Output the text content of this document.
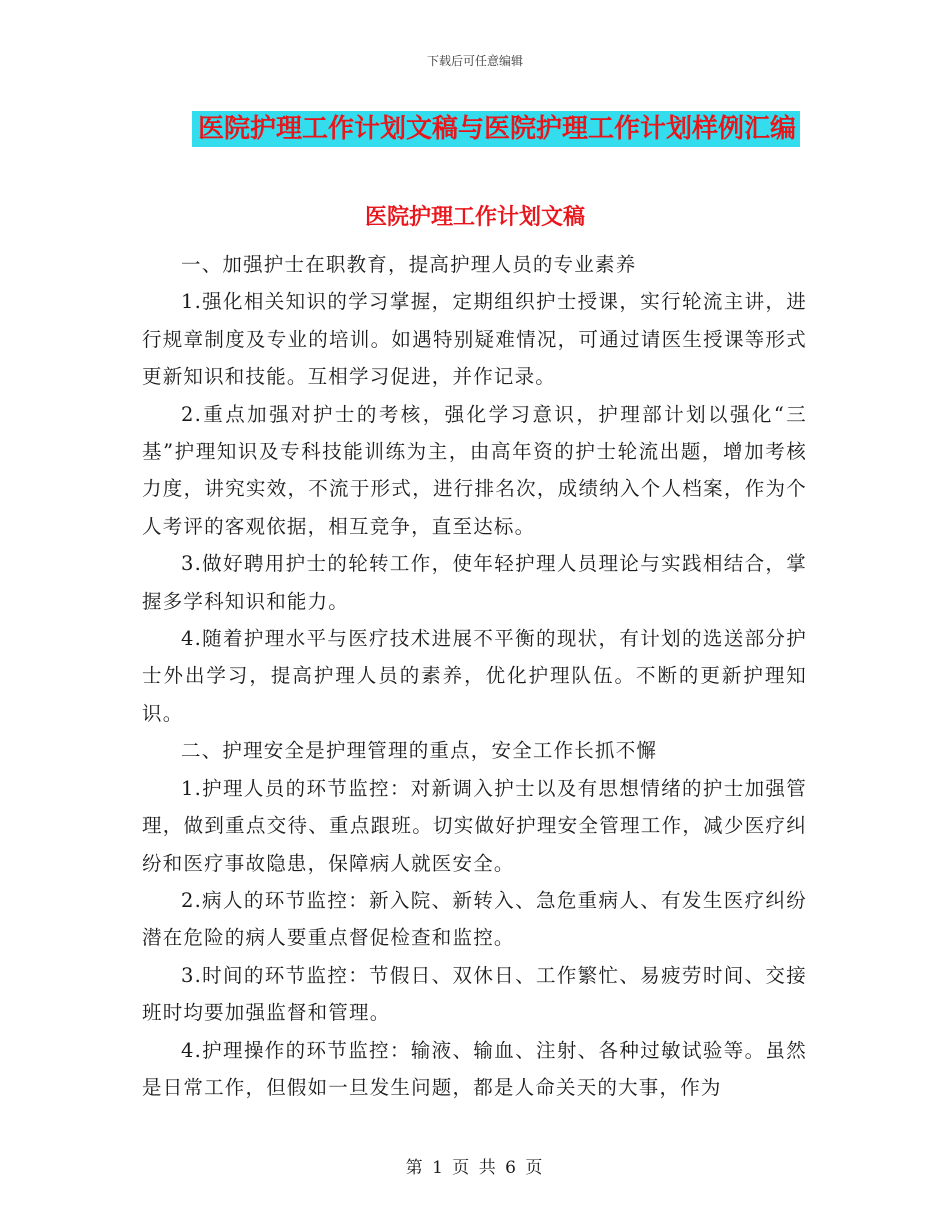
下载后可任意编辑
医院护理工作计划文稿与医院护理工作计划样例汇编
医院护理工作计划文稿

一、加强护士在职教育，提高护理人员的专业素养

1.强化相关知识的学习掌握，定期组织护士授课，实行轮流主讲，进行规章制度及专业的培训。如遇特别疑难情况，可通过请医生授课等形式更新知识和技能。互相学习促进，并作记录。

2.重点加强对护士的考核，强化学习意识，护理部计划以强化“三基”护理知识及专科技能训练为主，由高年资的护士轮流出题，增加考核力度，讲究实效，不流于形式，进行排名次，成绩纳入个人档案，作为个人考评的客观依据，相互竞争，直至达标。

3.做好聘用护士的轮转工作，使年轻护理人员理论与实践相结合，掌握多学科知识和能力。

4.随着护理水平与医疗技术进展不平衡的现状，有计划的选送部分护士外出学习，提高护理人员的素养，优化护理队伍。不断的更新护理知识。

二、护理安全是护理管理的重点，安全工作长抓不懈

1.护理人员的环节监控：对新调入护士以及有思想情绪的护士加强管理，做到重点交待、重点跟班。切实做好护理安全管理工作，减少医疗纠纷和医疗事故隐患，保障病人就医安全。

2.病人的环节监控：新入院、新转入、急危重病人、有发生医疗纠纷潜在危险的病人要重点督促检查和监控。

3.时间的环节监控：节假日、双休日、工作繁忙、易疲劳时间、交接班时均要加强监督和管理。

4.护理操作的环节监控：输液、输血、注射、各种过敏试验等。虽然是日常工作，但假如一旦发生问题，都是人命关天的大事，作为

第 1 页 共 6 页
